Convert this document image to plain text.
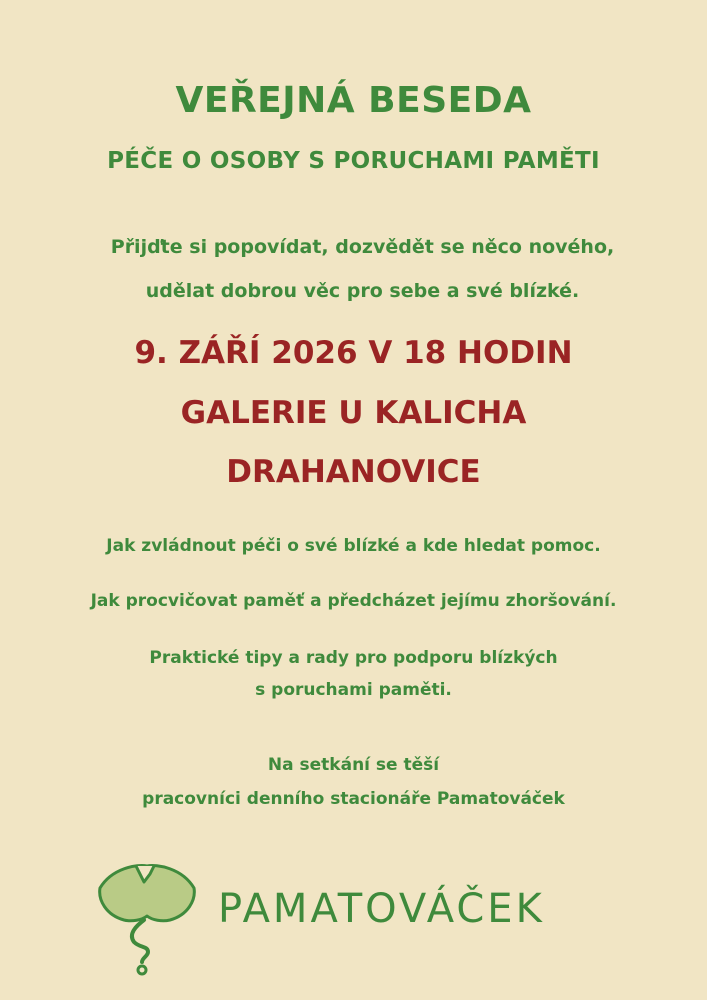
VEŘEJNÁ BESEDA
PÉČE O OSOBY S PORUCHAMI PAMĚTI
Přijďte si popovídat, dozvědět se něco nového,
udělat dobrou věc pro sebe a své blízké.
9. ZÁŘÍ 2026 V 18 HODIN
GALERIE U KALICHA
DRAHANOVICE
Jak zvládnout péči o své blízké a kde hledat pomoc.
Jak procvičovat paměť a předcházet jejímu zhoršování.
Praktické tipy a rady pro podporu blízkých
s poruchami paměti.
Na setkání se těší
pracovníci denního stacionáře Pamatováček
PAMATOVÁČEK
